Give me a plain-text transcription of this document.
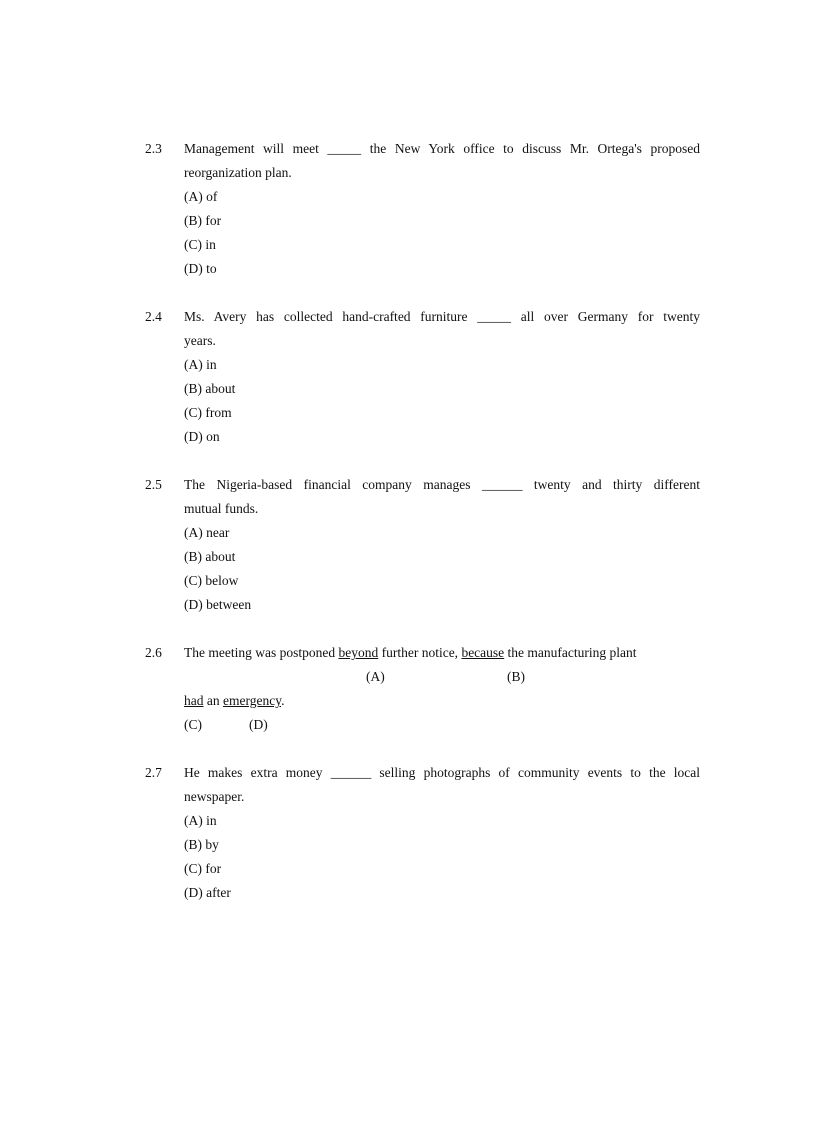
2.3 Management will meet _____ the New York office to discuss Mr. Ortega's proposed
reorganization plan.
(A) of
(B) for
(C) in
(D) to
2.4 Ms. Avery has collected hand-crafted furniture _____ all over Germany for twenty
years.
(A) in
(B) about
(C) from
(D) on
2.5 The Nigeria-based financial company manages ______ twenty and thirty different
mutual funds.
(A) near
(B) about
(C) below
(D) between
2.6 The meeting was postponed beyond further notice, because the manufacturing plant
(A)	(B)
had an emergency.
(C)	(D)
2.7 He makes extra money ______ selling photographs of community events to the local
newspaper.
(A) in
(B) by
(C) for
(D) after
